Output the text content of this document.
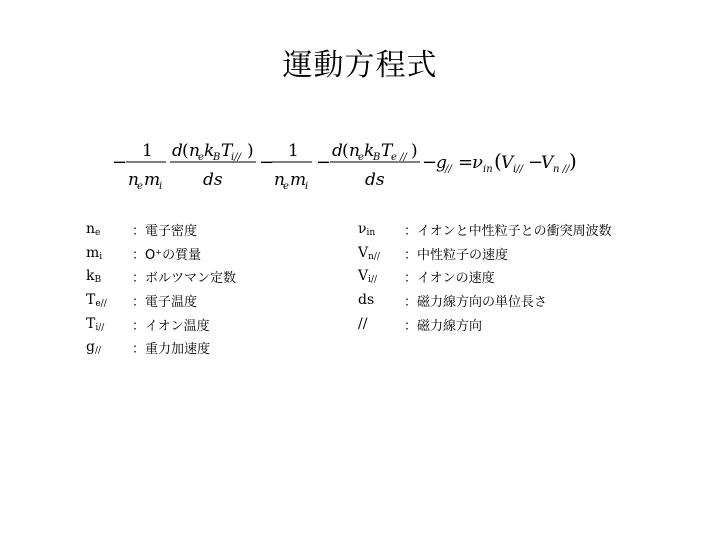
運動方程式
−
1
n
e m
i
d ( n
e k
B T
i// )
ds
−
1
n
e m
i
−
d ( n
e k
B T
e // )
ds
−
g
// =
ν in ( V i// −
V n // )
$n_e$	：電子密度
$m_i$	：O⁺の質量
$k_B$	：ボルツマン定数
$T_{e//}$	：電子温度
$T_{i//}$	：イオン温度
$g_{//}$	：重力加速度
$\nu_{in}$	：イオンと中性粒子との衝突周波数
$V_{n//}$	：中性粒子の速度
$V_{i//}$	：イオンの速度
ds	：磁力線方向の単位長さ
//	：磁力線方向
